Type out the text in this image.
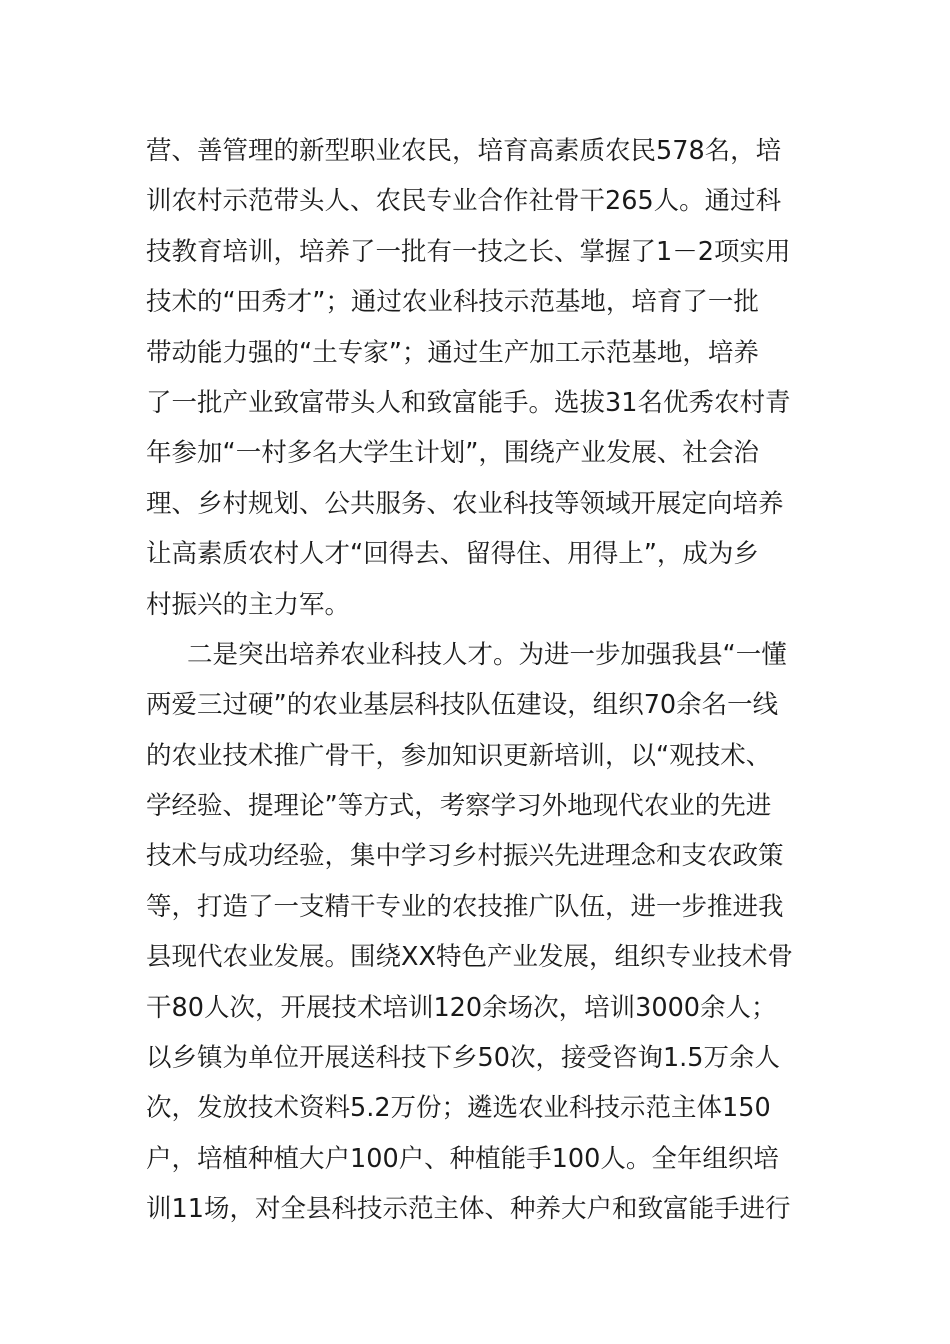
营、善管理的新型职业农民，培育高素质农民578名，培
训农村示范带头人、农民专业合作社骨干265人。通过科
技教育培训，培养了一批有一技之长、掌握了1－2项实用
技术的“田秀才”；通过农业科技示范基地，培育了一批
带动能力强的“土专家”；通过生产加工示范基地，培养
了一批产业致富带头人和致富能手。选拔31名优秀农村青
年参加“一村多名大学生计划”，围绕产业发展、社会治
理、乡村规划、公共服务、农业科技等领域开展定向培养
让高素质农村人才“回得去、留得住、用得上”，成为乡
村振兴的主力军。
二是突出培养农业科技人才。为进一步加强我县“一懂
两爱三过硬”的农业基层科技队伍建设，组织70余名一线
的农业技术推广骨干，参加知识更新培训，以“观技术、
学经验、提理论”等方式，考察学习外地现代农业的先进
技术与成功经验，集中学习乡村振兴先进理念和支农政策
等，打造了一支精干专业的农技推广队伍，进一步推进我
县现代农业发展。围绕XX特色产业发展，组织专业技术骨
干80人次，开展技术培训120余场次，培训3000余人；
以乡镇为单位开展送科技下乡50次，接受咨询1.5万余人
次，发放技术资料5.2万份；遴选农业科技示范主体150
户，培植种植大户100户、种植能手100人。全年组织培
训11场，对全县科技示范主体、种养大户和致富能手进行
